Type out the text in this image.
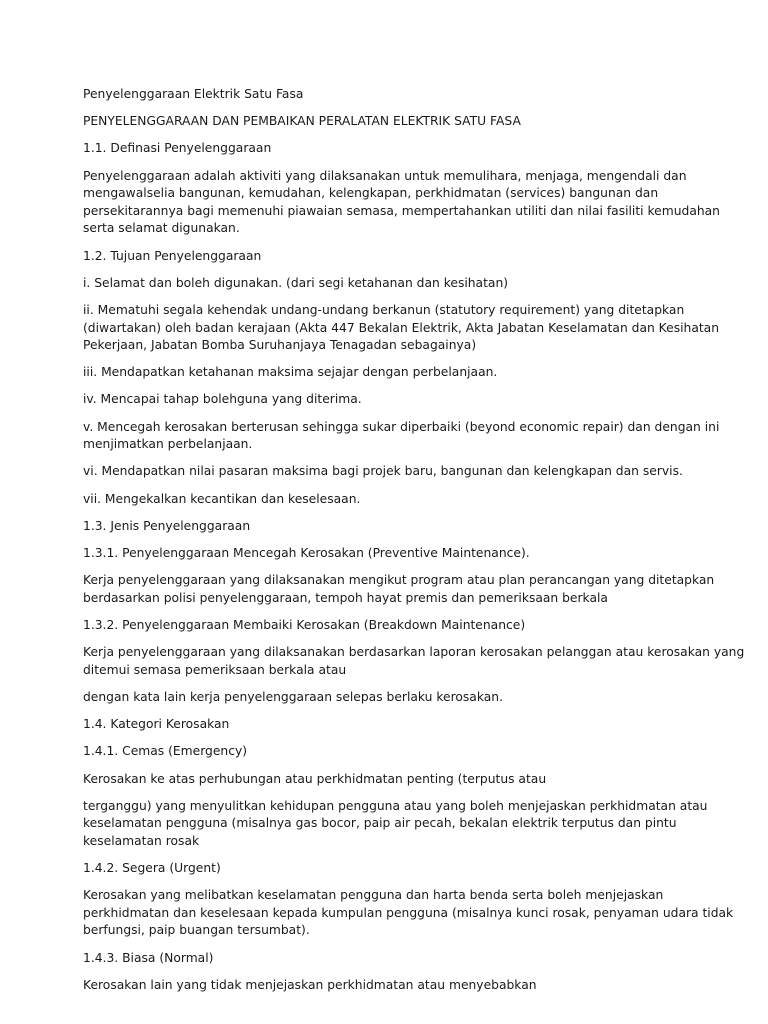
Penyelenggaraan Elektrik Satu Fasa

PENYELENGGARAAN DAN PEMBAIKAN PERALATAN ELEKTRIK SATU FASA

1.1. Definasi Penyelenggaraan

Penyelenggaraan adalah aktiviti yang dilaksanakan untuk memulihara, menjaga, mengendali dan mengawalselia bangunan, kemudahan, kelengkapan, perkhidmatan (services) bangunan dan persekitarannya bagi memenuhi piawaian semasa, mempertahankan utiliti dan nilai fasiliti kemudahan serta selamat digunakan.

1.2. Tujuan Penyelenggaraan

i. Selamat dan boleh digunakan. (dari segi ketahanan dan kesihatan)

ii. Mematuhi segala kehendak undang-undang berkanun (statutory requirement) yang ditetapkan (diwartakan) oleh badan kerajaan (Akta 447 Bekalan Elektrik, Akta Jabatan Keselamatan dan Kesihatan Pekerjaan, Jabatan Bomba Suruhanjaya Tenagadan sebagainya)

iii. Mendapatkan ketahanan maksima sejajar dengan perbelanjaan.

iv. Mencapai tahap bolehguna yang diterima.

v. Mencegah kerosakan berterusan sehingga sukar diperbaiki (beyond economic repair) dan dengan ini menjimatkan perbelanjaan.

vi. Mendapatkan nilai pasaran maksima bagi projek baru, bangunan dan kelengkapan dan servis.

vii. Mengekalkan kecantikan dan keselesaan.

1.3. Jenis Penyelenggaraan

1.3.1. Penyelenggaraan Mencegah Kerosakan (Preventive Maintenance).

Kerja penyelenggaraan yang dilaksanakan mengikut program atau plan perancangan yang ditetapkan berdasarkan polisi penyelenggaraan, tempoh hayat premis dan pemeriksaan berkala

1.3.2. Penyelenggaraan Membaiki Kerosakan (Breakdown Maintenance)

Kerja penyelenggaraan yang dilaksanakan berdasarkan laporan kerosakan pelanggan atau kerosakan yang ditemui semasa pemeriksaan berkala atau

dengan kata lain kerja penyelenggaraan selepas berlaku kerosakan.

1.4. Kategori Kerosakan

1.4.1. Cemas (Emergency)

Kerosakan ke atas perhubungan atau perkhidmatan penting (terputus atau

terganggu) yang menyulitkan kehidupan pengguna atau yang boleh menjejaskan perkhidmatan atau keselamatan pengguna (misalnya gas bocor, paip air pecah, bekalan elektrik terputus dan pintu keselamatan rosak

1.4.2. Segera (Urgent)

Kerosakan yang melibatkan keselamatan pengguna dan harta benda serta boleh menjejaskan perkhidmatan dan keselesaan kepada kumpulan pengguna (misalnya kunci rosak, penyaman udara tidak berfungsi, paip buangan tersumbat).

1.4.3. Biasa (Normal)

Kerosakan lain yang tidak menjejaskan perkhidmatan atau menyebabkan
